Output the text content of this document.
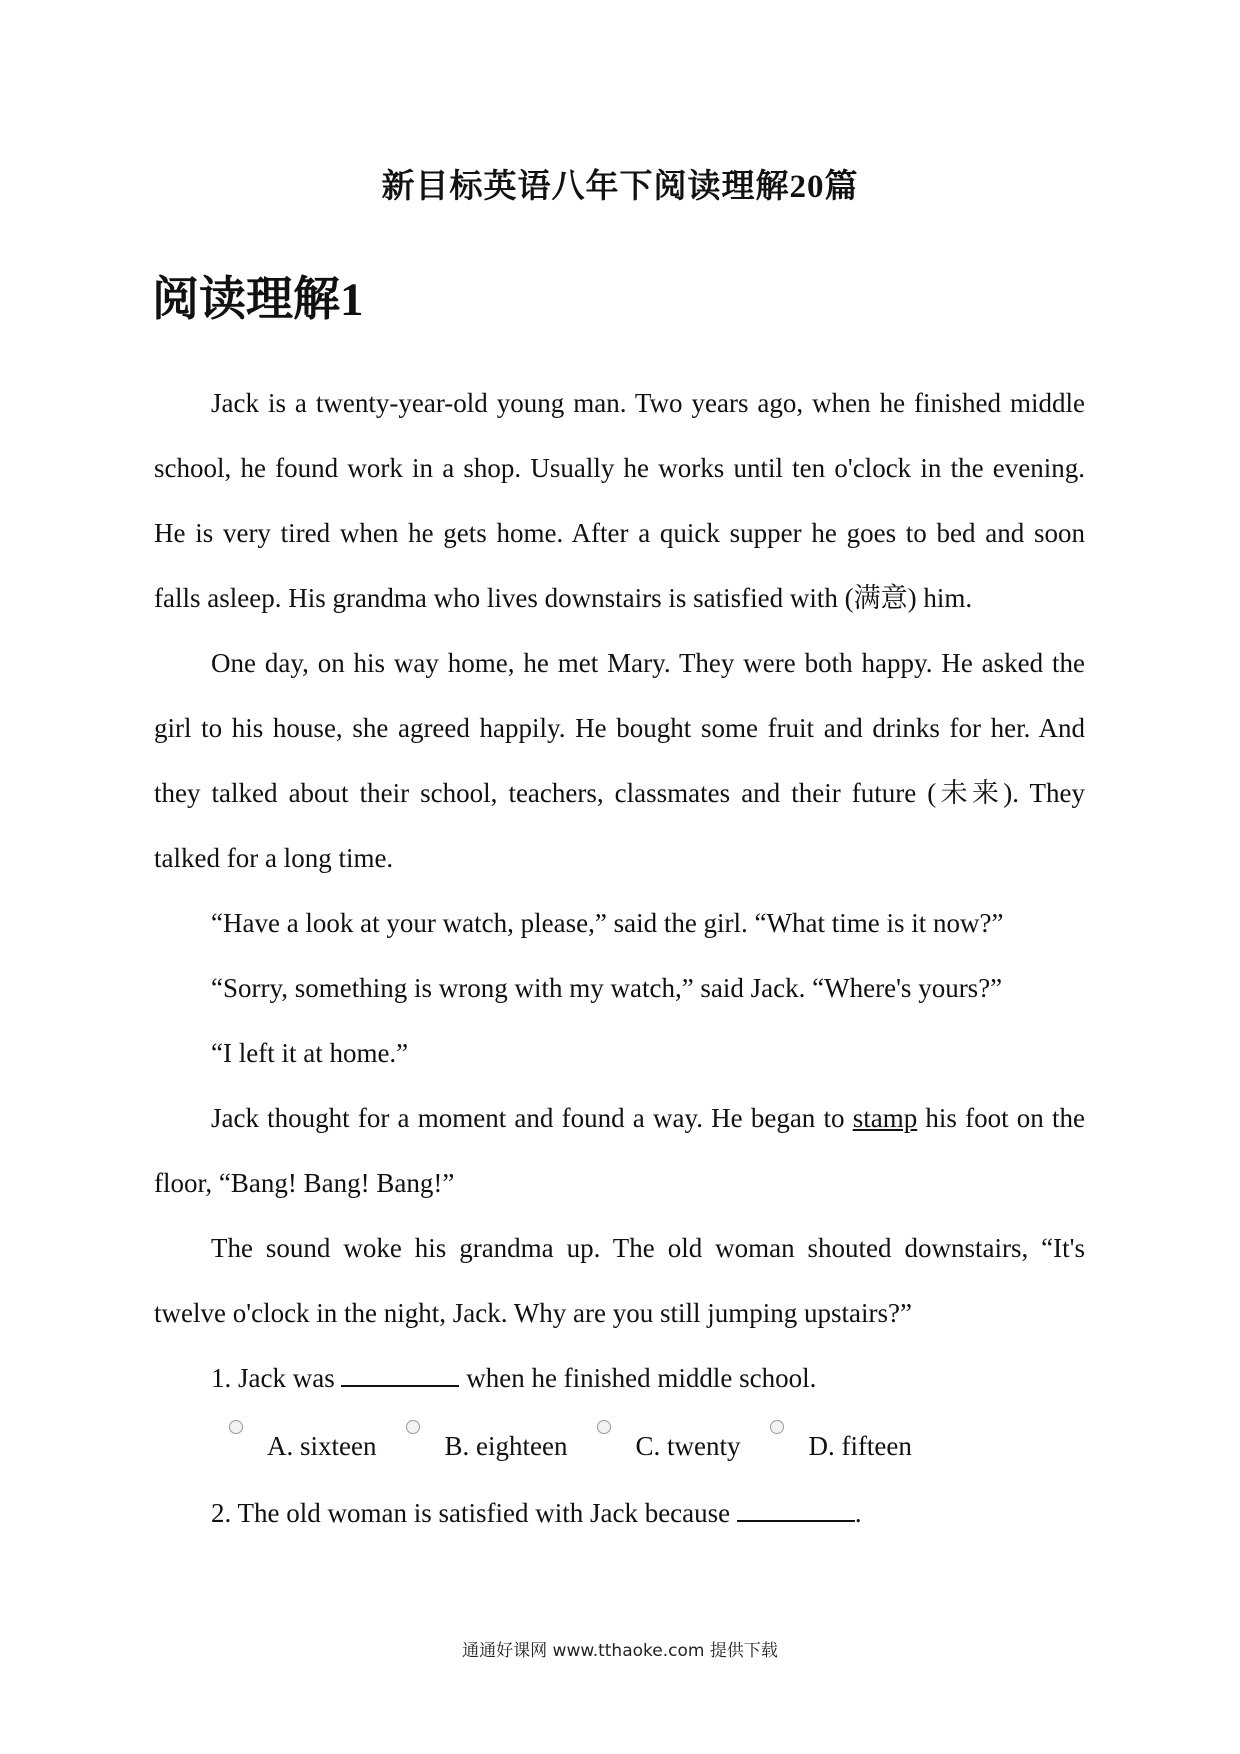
新目标英语八年下阅读理解20篇
阅读理解1

Jack is a twenty-year-old young man. Two years ago, when he finished middle school, he found work in a shop. Usually he works until ten o'clock in the evening. He is very tired when he gets home. After a quick supper he goes to bed and soon falls asleep. His grandma who lives downstairs is satisfied with (满意) him.

One day, on his way home, he met Mary. They were both happy. He asked the girl to his house, she agreed happily. He bought some fruit and drinks for her. And they talked about their school, teachers, classmates and their future (未来). They talked for a long time.

“Have a look at your watch, please,” said the girl. “What time is it now?”

“Sorry, something is wrong with my watch,” said Jack. “Where's yours?”

“I left it at home.”

Jack thought for a moment and found a way. He began to stamp his foot on the floor, “Bang! Bang! Bang!”

The sound woke his grandma up. The old woman shouted downstairs, “It's twelve o'clock in the night, Jack. Why are you still jumping upstairs?”

1. Jack was	when he finished middle school.

A. sixteen	B. eighteen	C. twenty	D. fifteen

2. The old woman is satisfied with Jack because	.

通通好课网 www.tthaoke.com 提供下载
